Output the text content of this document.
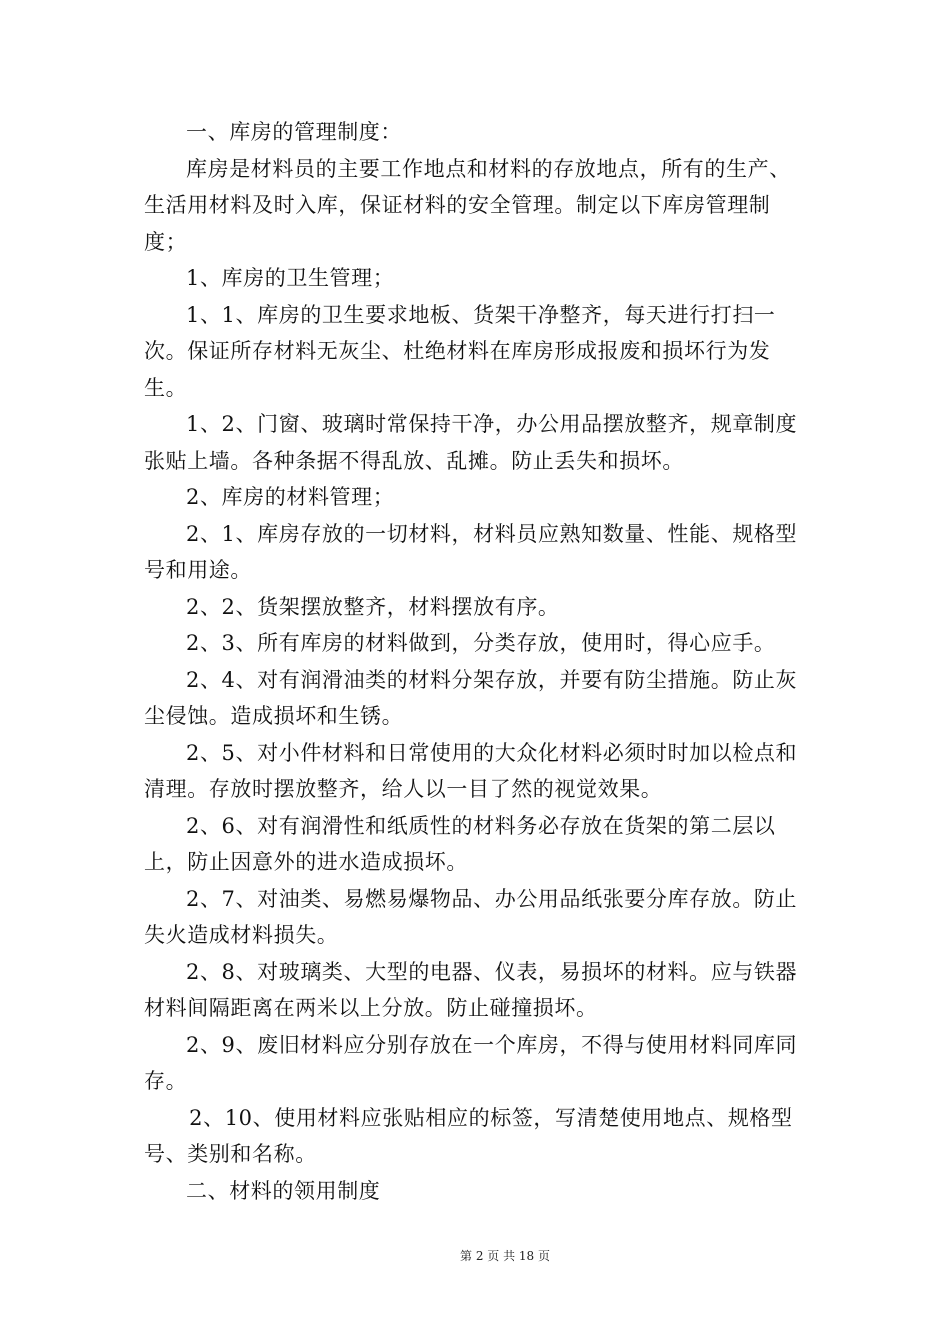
一、库房的管理制度：

库房是材料员的主要工作地点和材料的存放地点，所有的生产、生活用材料及时入库，保证材料的安全管理。制定以下库房管理制度；

1、库房的卫生管理；

1、1、库房的卫生要求地板、货架干净整齐，每天进行打扫一次。保证所存材料无灰尘、杜绝材料在库房形成报废和损坏行为发生。

1、2、门窗、玻璃时常保持干净，办公用品摆放整齐，规章制度张贴上墙。各种条据不得乱放、乱摊。防止丢失和损坏。

2、库房的材料管理；

2、1、库房存放的一切材料，材料员应熟知数量、性能、规格型号和用途。

2、2、货架摆放整齐，材料摆放有序。

2、3、所有库房的材料做到，分类存放，使用时，得心应手。

2、4、对有润滑油类的材料分架存放，并要有防尘措施。防止灰尘侵蚀。造成损坏和生锈。

2、5、对小件材料和日常使用的大众化材料必须时时加以检点和清理。存放时摆放整齐，给人以一目了然的视觉效果。

2、6、对有润滑性和纸质性的材料务必存放在货架的第二层以上，防止因意外的进水造成损坏。

2、7、对油类、易燃易爆物品、办公用品纸张要分库存放。防止失火造成材料损失。

2、8、对玻璃类、大型的电器、仪表，易损坏的材料。应与铁器材料间隔距离在两米以上分放。防止碰撞损坏。

2、9、废旧材料应分别存放在一个库房，不得与使用材料同库同存。

2、10、使用材料应张贴相应的标签，写清楚使用地点、规格型号、类别和名称。

二、材料的领用制度

第 2 页 共 18 页
